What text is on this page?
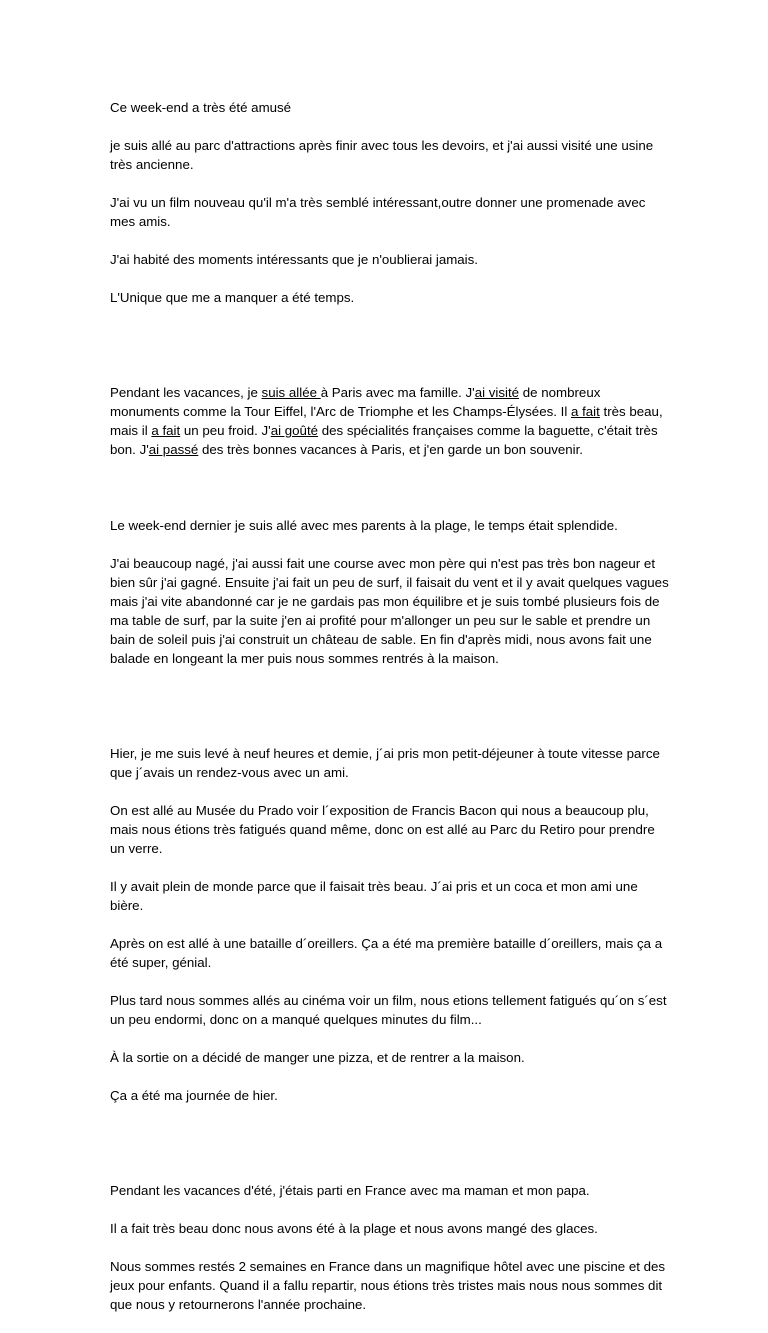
Ce week-end a très été amusé

je suis allé au parc d'attractions après finir avec tous les devoirs, et j'ai aussi visité une usine très ancienne.

J'ai vu un film nouveau qu'il m'a très semblé intéressant,outre donner une promenade avec mes amis.

J'ai habité des moments intéressants que je n'oublierai jamais.

L'Unique que me a manquer a été temps.

Pendant les vacances, je suis allée à Paris avec ma famille. J'ai visité de nombreux monuments comme la Tour Eiffel, l'Arc de Triomphe et les Champs-Élysées. Il a fait très beau, mais il a fait un peu froid. J'ai goûté des spécialités françaises comme la baguette, c'était très bon. J'ai passé des très bonnes vacances à Paris, et j'en garde un bon souvenir.

Le week-end dernier je suis allé avec mes parents à la plage, le temps était splendide.

J'ai beaucoup nagé, j'ai aussi fait une course avec mon père qui n'est pas très bon nageur et bien sûr j'ai gagné. Ensuite j'ai fait un peu de surf, il faisait du vent et il y avait quelques vagues mais j'ai vite abandonné car je ne gardais pas mon équilibre et je suis tombé plusieurs fois de ma table de surf, par la suite j'en ai profité pour m'allonger un peu sur le sable et prendre un bain de soleil puis j'ai construit un château de sable. En fin d'après midi, nous avons fait une balade en longeant la mer puis nous sommes rentrés à la maison.

Hier, je me suis levé à neuf heures et demie, j´ai pris mon petit-déjeuner à toute vitesse parce que j´avais un rendez-vous avec un ami.

On est allé au Musée du Prado voir l´exposition de Francis Bacon qui nous a beaucoup plu, mais nous étions très fatigués quand même, donc on est allé au Parc du Retiro pour prendre un verre.

Il y avait plein de monde parce que il faisait très beau. J´ai pris et un coca et mon ami une bière.

Après on est allé à une bataille d´oreillers. Ça a été ma première bataille d´oreillers, mais ça a été super, génial.

Plus tard nous sommes allés au cinéma voir un film, nous etions tellement fatigués qu´on s´est un peu endormi, donc on a manqué quelques minutes du film...

À la sortie on a décidé de manger une pizza, et de rentrer a la maison.

Ça a été ma journée de hier.

Pendant les vacances d'été, j'étais parti en France avec ma maman et mon papa.

Il a fait très beau donc nous avons été à la plage et nous avons mangé des glaces.

Nous sommes restés 2 semaines en France dans un magnifique hôtel avec une piscine et des jeux pour enfants. Quand il a fallu repartir, nous étions très tristes mais nous nous sommes dit que nous y retournerons l'année prochaine.
